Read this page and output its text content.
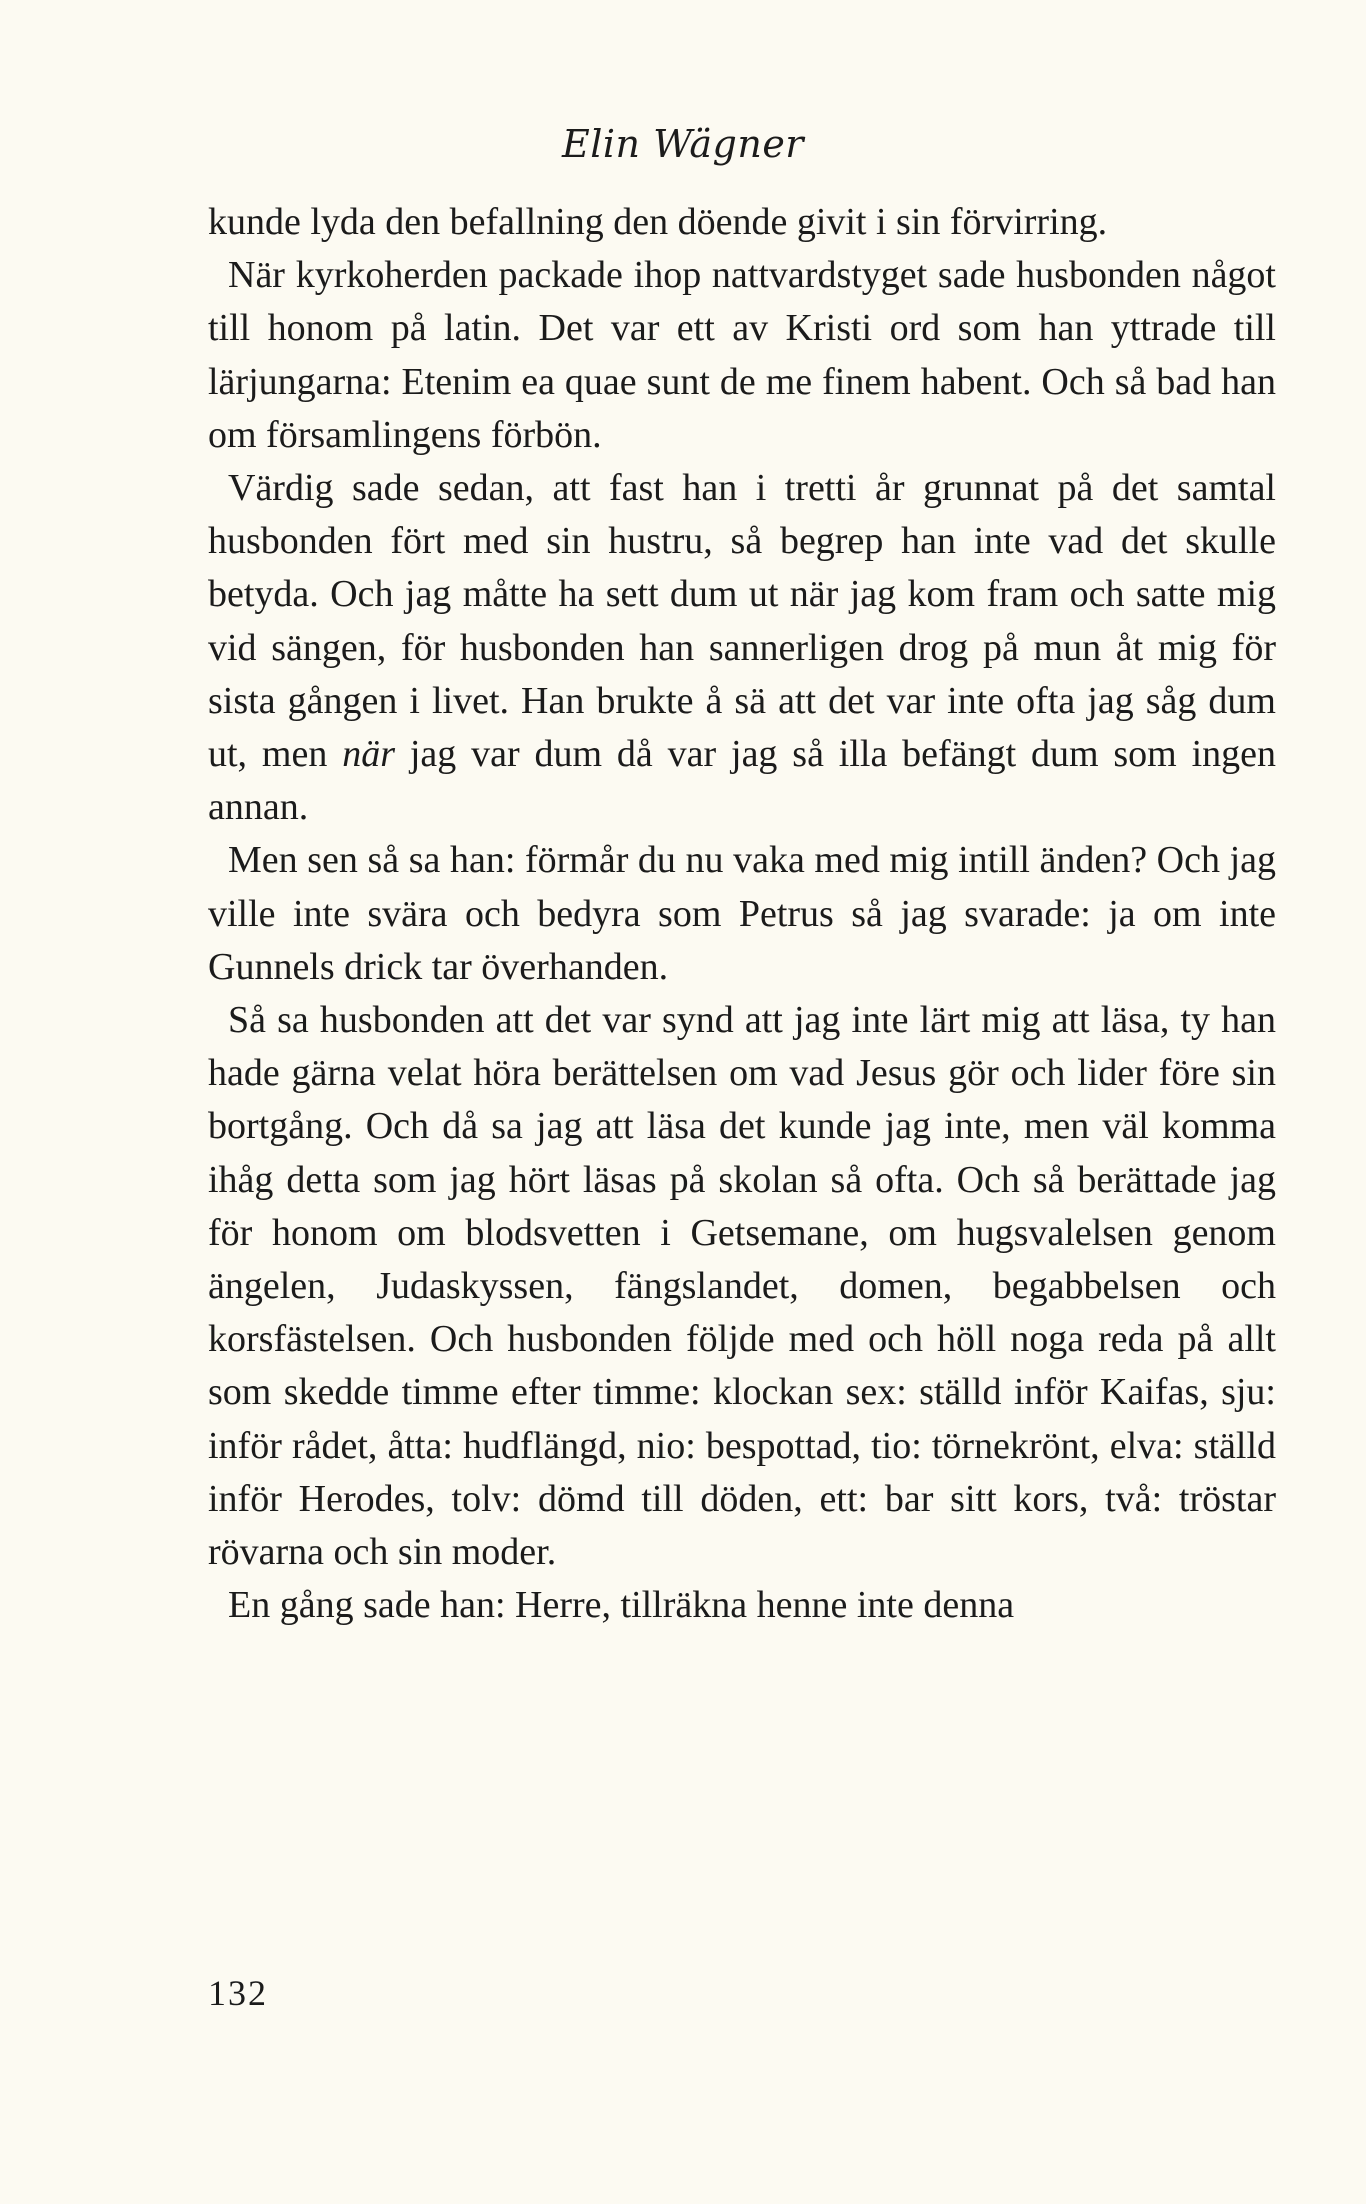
Elin Wägner

kunde lyda den befallning den döende givit i sin förvirring.

När kyrkoherden packade ihop nattvardstyget sade husbonden något till honom på latin. Det var ett av Kristi ord som han yttrade till lärjungarna: Etenim ea quae sunt de me finem habent. Och så bad han om församlingens förbön.

Värdig sade sedan, att fast han i tretti år grunnat på det samtal husbonden fört med sin hustru, så begrep han inte vad det skulle betyda. Och jag måtte ha sett dum ut när jag kom fram och satte mig vid sängen, för husbonden han sannerligen drog på mun åt mig för sista gången i livet. Han brukte å sä att det var inte ofta jag såg dum ut, men när jag var dum då var jag så illa befängt dum som ingen annan.

Men sen så sa han: förmår du nu vaka med mig intill änden? Och jag ville inte svära och bedyra som Petrus så jag svarade: ja om inte Gunnels drick tar överhanden.

Så sa husbonden att det var synd att jag inte lärt mig att läsa, ty han hade gärna velat höra berättelsen om vad Jesus gör och lider före sin bortgång. Och då sa jag att läsa det kunde jag inte, men väl komma ihåg detta som jag hört läsas på skolan så ofta. Och så berättade jag för honom om blodsvetten i Getsemane, om hugsvalelsen genom ängelen, Judaskyssen, fängslandet, domen, begabbelsen och korsfästelsen. Och husbonden följde med och höll noga reda på allt som skedde timme efter timme: klockan sex: ställd inför Kaifas, sju: inför rådet, åtta: hudflängd, nio: bespottad, tio: törnekrönt, elva: ställd inför Herodes, tolv: dömd till döden, ett: bar sitt kors, två: tröstar rövarna och sin moder.

En gång sade han: Herre, tillräkna henne inte denna

132
